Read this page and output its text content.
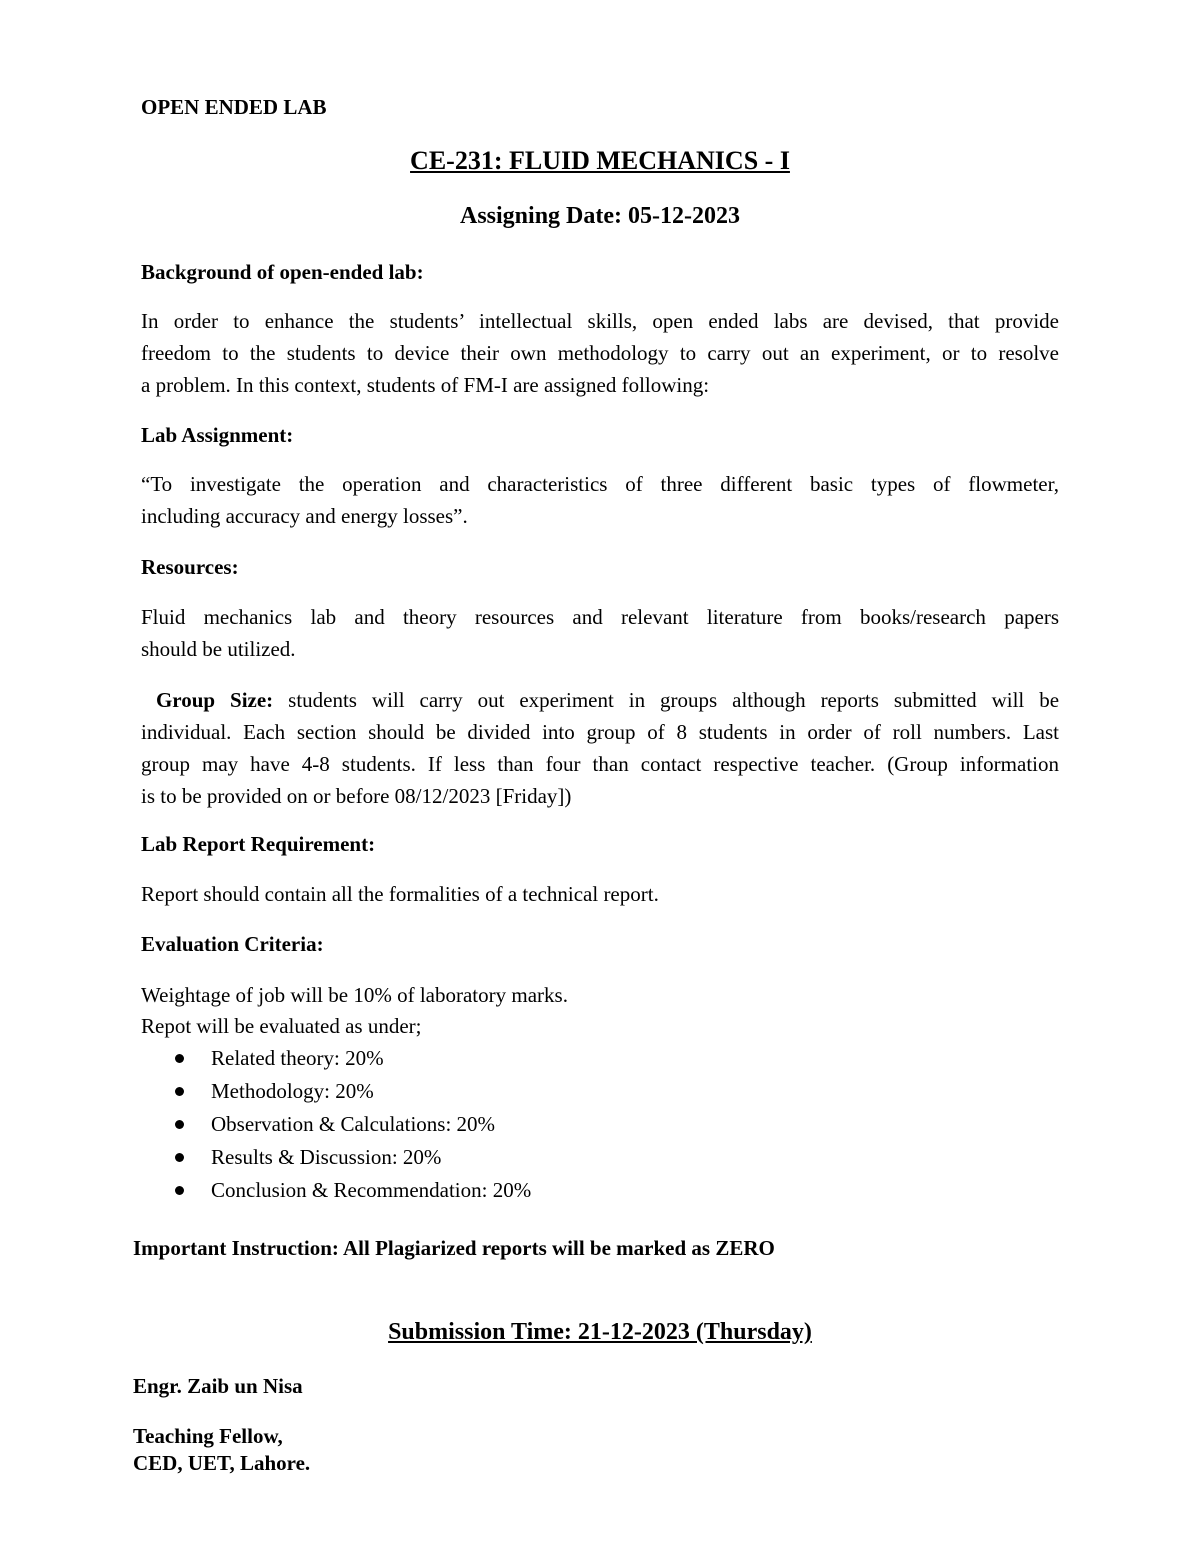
OPEN ENDED LAB
CE-231: FLUID MECHANICS - I
Assigning Date: 05-12-2023
Background of open-ended lab:
In order to enhance the students’ intellectual skills, open ended labs are devised, that provide
freedom to the students to device their own methodology to carry out an experiment, or to resolve
a problem. In this context, students of FM-I are assigned following:
Lab Assignment:
“To investigate the operation and characteristics of three different basic types of flowmeter,
including accuracy and energy losses”.
Resources:
Fluid mechanics lab and theory resources and relevant literature from books/research papers
should be utilized.
Group Size: students will carry out experiment in groups although reports submitted will be
individual. Each section should be divided into group of 8 students in order of roll numbers. Last
group may have 4-8 students. If less than four than contact respective teacher. (Group information
is to be provided on or before 08/12/2023 [Friday])
Lab Report Requirement:
Report should contain all the formalities of a technical report.
Evaluation Criteria:
Weightage of job will be 10% of laboratory marks.
Repot will be evaluated as under;
Related theory: 20%
Methodology: 20%
Observation & Calculations: 20%
Results & Discussion: 20%
Conclusion & Recommendation: 20%
Important Instruction: All Plagiarized reports will be marked as ZERO
Submission Time: 21-12-2023 (Thursday)
Engr. Zaib un Nisa
Teaching Fellow,
CED, UET, Lahore.
